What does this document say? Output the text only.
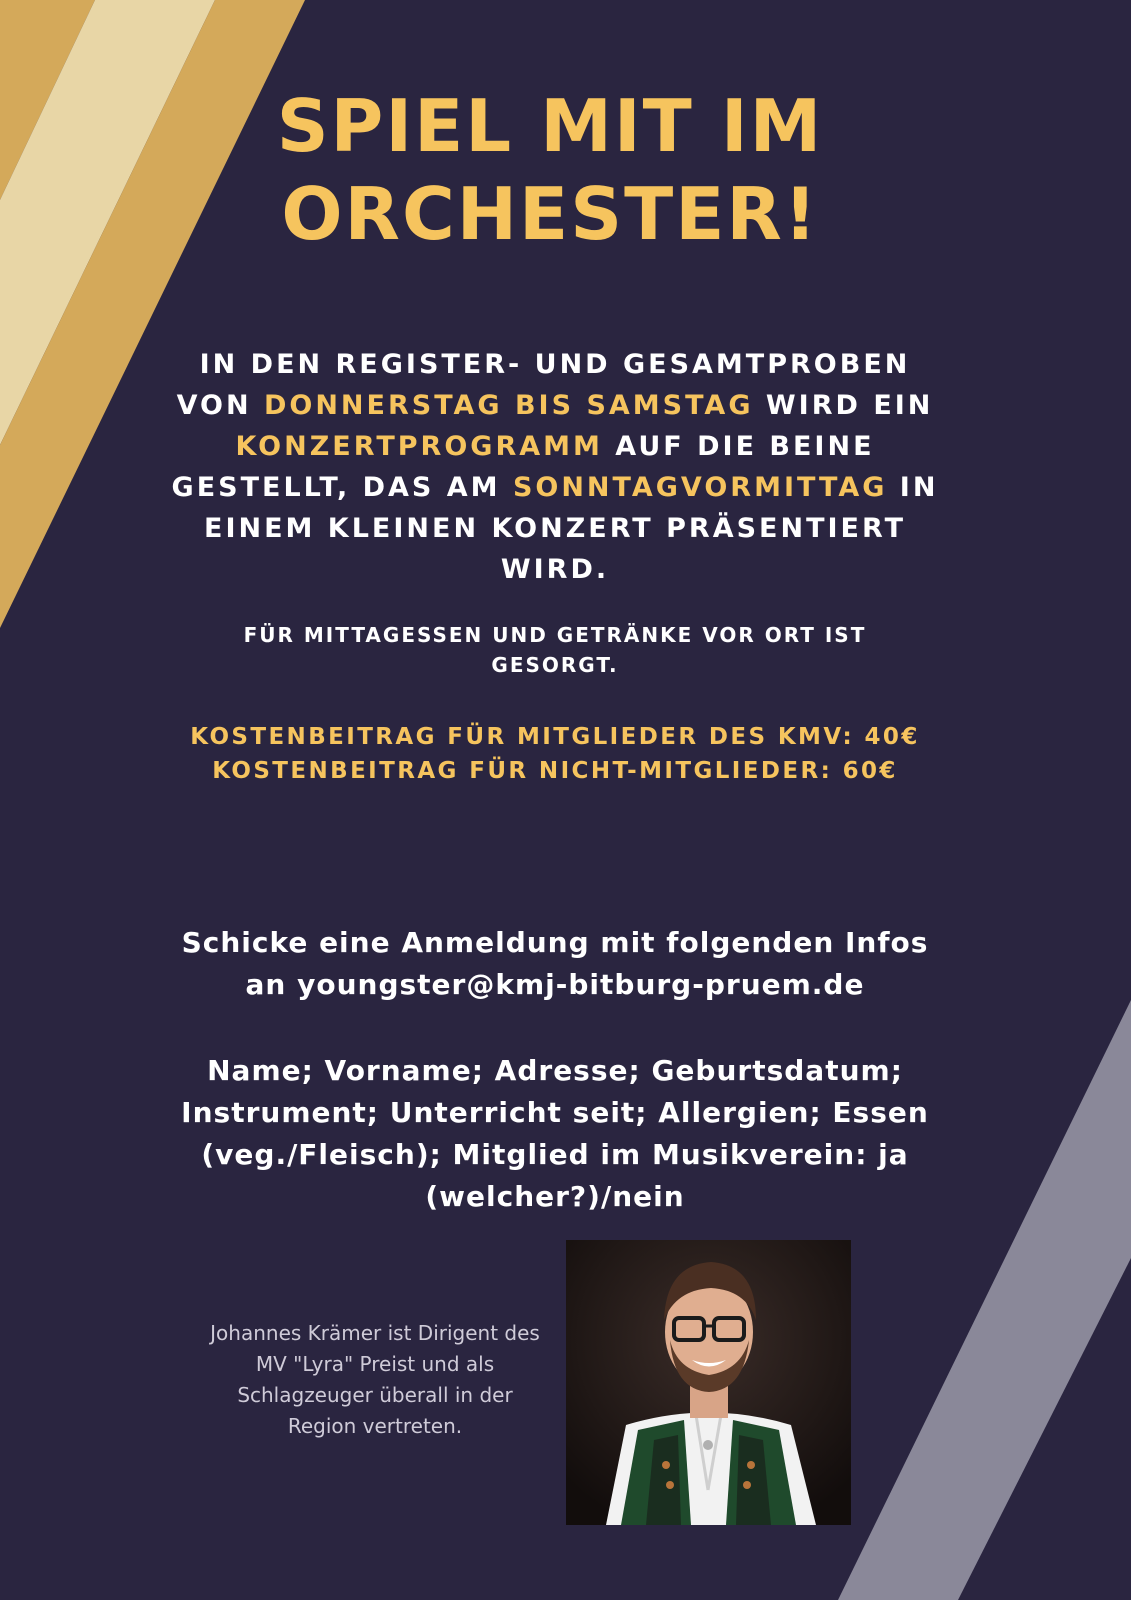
SPIEL MIT IM
ORCHESTER!
IN DEN REGISTER- UND GESAMTPROBEN VON DONNERSTAG BIS SAMSTAG WIRD EIN KONZERTPROGRAMM AUF DIE BEINE GESTELLT, DAS AM SONNTAGVORMITTAG IN EINEM KLEINEN KONZERT PRÄSENTIERT WIRD.
FÜR MITTAGESSEN UND GETRÄNKE VOR ORT IST GESORGT.

KOSTENBEITRAG FÜR MITGLIEDER DES KMV: 40€

KOSTENBEITRAG FÜR NICHT-MITGLIEDER: 60€

Schicke eine Anmeldung mit folgenden Infos an youngster@kmj-bitburg-pruem.de
Name; Vorname; Adresse; Geburtsdatum; Instrument; Unterricht seit; Allergien; Essen (veg./Fleisch); Mitglied im Musikverein: ja (welcher?)/nein
Johannes Krämer ist Dirigent des MV "Lyra" Preist und als Schlagzeuger überall in der Region vertreten.
